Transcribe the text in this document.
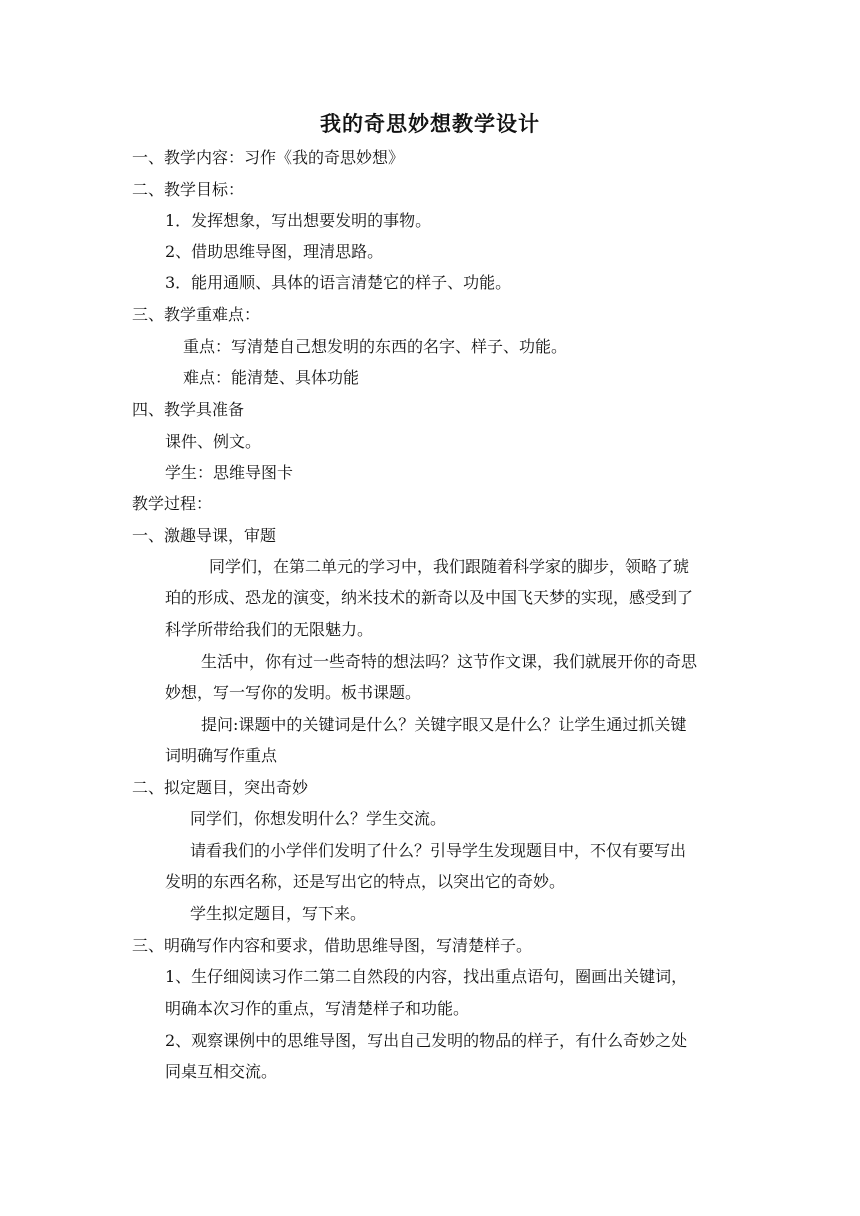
我的奇思妙想教学设计
一、教学内容：习作《我的奇思妙想》
二、教学目标：
1．发挥想象，写出想要发明的事物。
2、借助思维导图，理清思路。
3．能用通顺、具体的语言清楚它的样子、功能。
三、教学重难点：
重点：写清楚自己想发明的东西的名字、样子、功能。
难点：能清楚、具体功能
四、教学具准备
课件、例文。
学生：思维导图卡
教学过程：
一、激趣导课，审题
同学们，在第二单元的学习中，我们跟随着科学家的脚步，领略了琥
珀的形成、恐龙的演变，纳米技术的新奇以及中国飞天梦的实现，感受到了
科学所带给我们的无限魅力。
生活中，你有过一些奇特的想法吗？这节作文课，我们就展开你的奇思
妙想，写一写你的发明。板书课题。
提问:课题中的关键词是什么？关键字眼又是什么？让学生通过抓关键
词明确写作重点
二、拟定题目，突出奇妙
同学们，你想发明什么？学生交流。
请看我们的小学伴们发明了什么？引导学生发现题目中，不仅有要写出
发明的东西名称，还是写出它的特点，以突出它的奇妙。
学生拟定题目，写下来。
三、明确写作内容和要求，借助思维导图，写清楚样子。
1、生仔细阅读习作二第二自然段的内容，找出重点语句，圈画出关键词，
明确本次习作的重点，写清楚样子和功能。
2、观察课例中的思维导图，写出自己发明的物品的样子，有什么奇妙之处
同桌互相交流。
